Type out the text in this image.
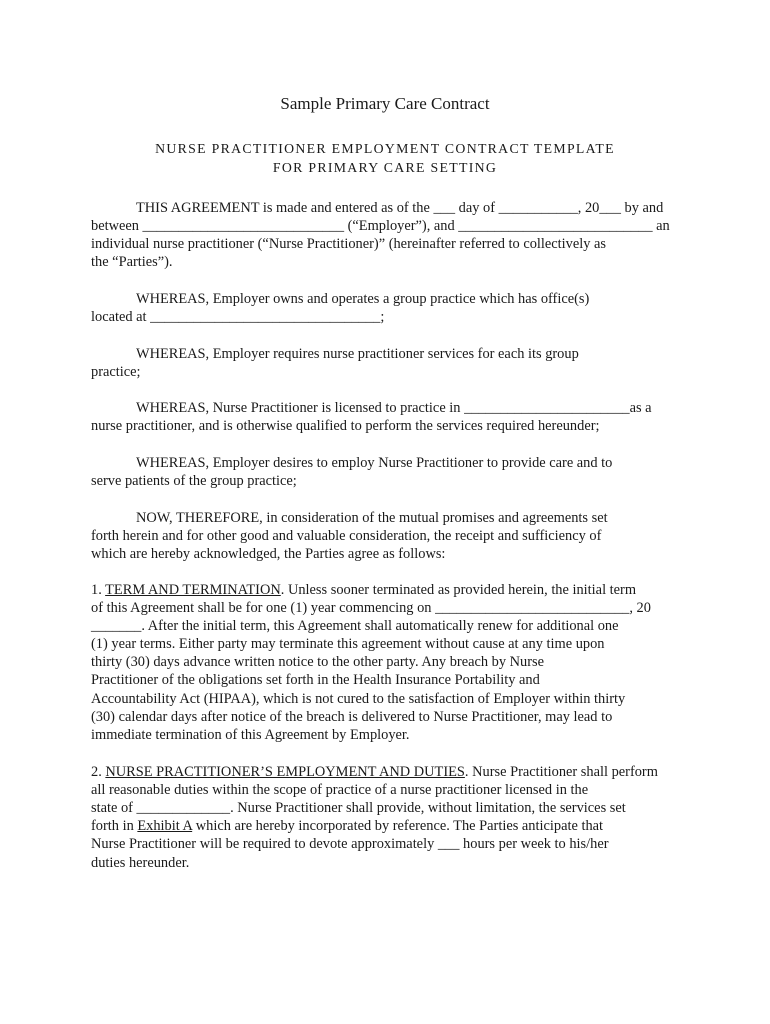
Sample Primary Care Contract
NURSE PRACTITIONER EMPLOYMENT CONTRACT TEMPLATE
FOR PRIMARY CARE SETTING
THIS AGREEMENT is made and entered as of the ___ day of ___________, 20___ by and
between ____________________________ (“Employer”), and ___________________________ an
individual nurse practitioner (“Nurse Practitioner)” (hereinafter referred to collectively as
the “Parties”).
WHEREAS, Employer owns and operates a group practice which has office(s)
located at ________________________________;
WHEREAS, Employer requires nurse practitioner services for each its group
practice;
WHEREAS, Nurse Practitioner is licensed to practice in _______________________as a
nurse practitioner, and is otherwise qualified to perform the services required hereunder;
WHEREAS, Employer desires to employ Nurse Practitioner to provide care and to
serve patients of the group practice;
NOW, THEREFORE, in consideration of the mutual promises and agreements set
forth herein and for other good and valuable consideration, the receipt and sufficiency of
which are hereby acknowledged, the Parties agree as follows:
1. TERM AND TERMINATION. Unless sooner terminated as provided herein, the initial term
of this Agreement shall be for one (1) year commencing on ___________________________, 20
_______. After the initial term, this Agreement shall automatically renew for additional one
(1) year terms. Either party may terminate this agreement without cause at any time upon
thirty (30) days advance written notice to the other party. Any breach by Nurse
Practitioner of the obligations set forth in the Health Insurance Portability and
Accountability Act (HIPAA), which is not cured to the satisfaction of Employer within thirty
(30) calendar days after notice of the breach is delivered to Nurse Practitioner, may lead to
immediate termination of this Agreement by Employer.
2. NURSE PRACTITIONER’S EMPLOYMENT AND DUTIES. Nurse Practitioner shall perform
all reasonable duties within the scope of practice of a nurse practitioner licensed in the
state of _____________. Nurse Practitioner shall provide, without limitation, the services set
forth in Exhibit A which are hereby incorporated by reference. The Parties anticipate that
Nurse Practitioner will be required to devote approximately ___ hours per week to his/her
duties hereunder.
